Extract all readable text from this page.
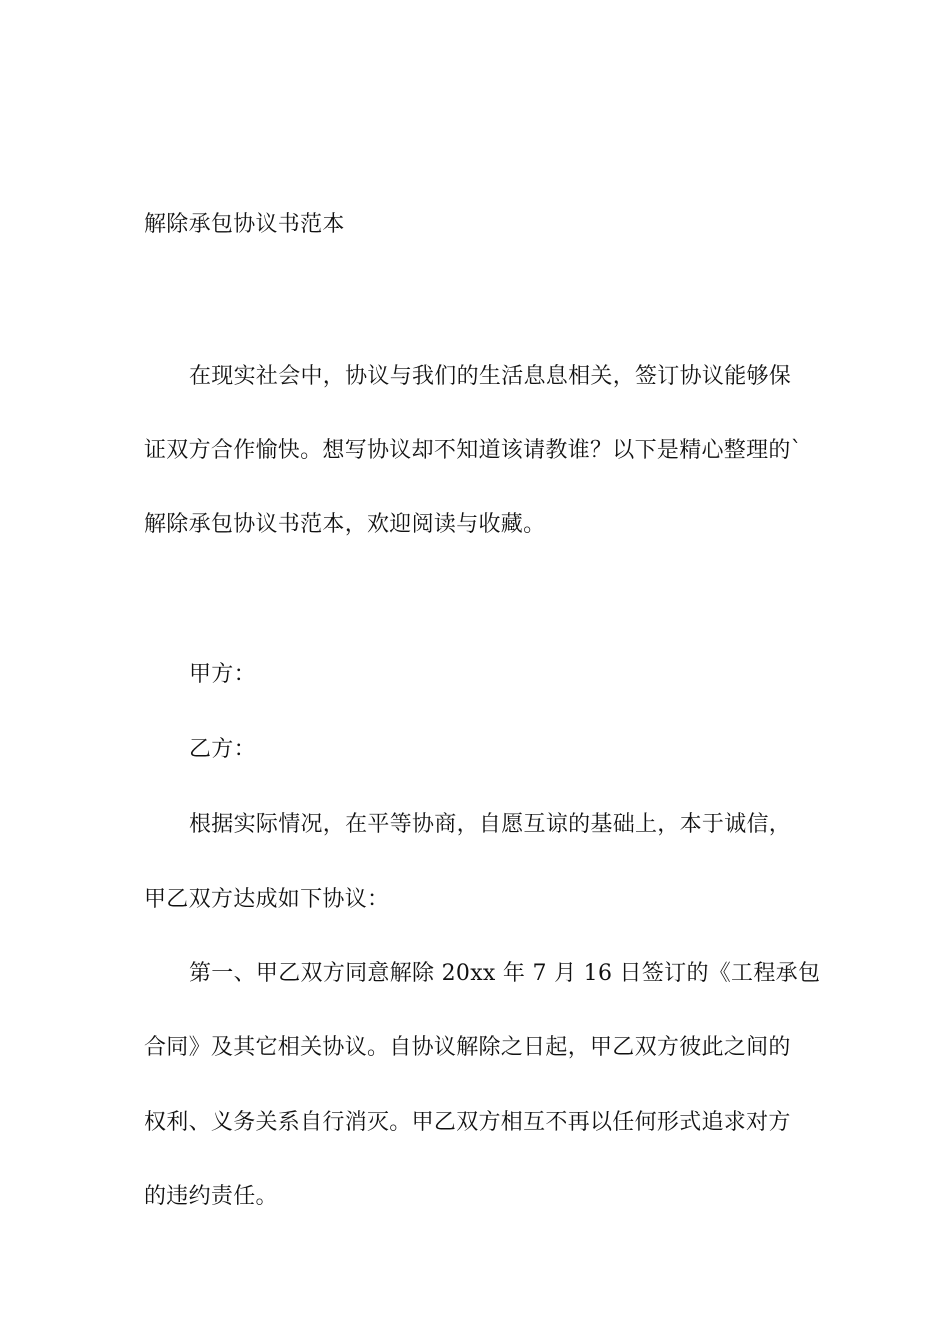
解除承包协议书范本
在现实社会中，协议与我们的生活息息相关，签订协议能够保
证双方合作愉快。想写协议却不知道该请教谁？以下是精心整理的`
解除承包协议书范本，欢迎阅读与收藏。
甲方：
乙方：
根据实际情况，在平等协商，自愿互谅的基础上，本于诚信，
甲乙双方达成如下协议：
第一、甲乙双方同意解除 20xx 年 7 月 16 日签订的《工程承包
合同》及其它相关协议。自协议解除之日起，甲乙双方彼此之间的
权利、义务关系自行消灭。甲乙双方相互不再以任何形式追求对方
的违约责任。
